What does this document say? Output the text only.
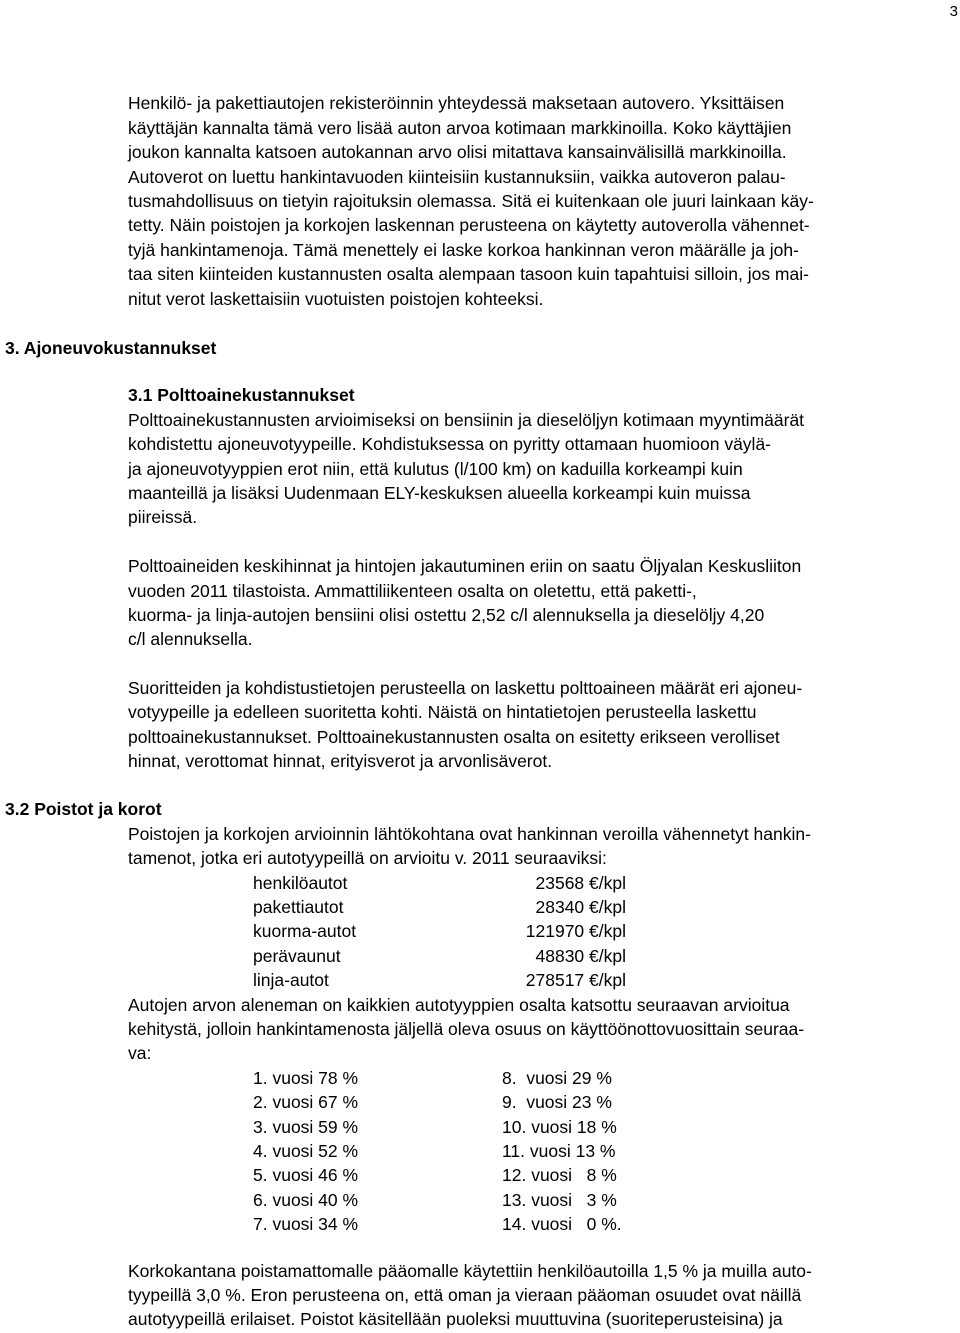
3
Henkilö- ja pakettiautojen rekisteröinnin yhteydessä maksetaan autovero. Yksittäisen
käyttäjän kannalta tämä vero lisää auton arvoa kotimaan markkinoilla. Koko käyttäjien
joukon kannalta katsoen autokannan arvo olisi mitattava kansainvälisillä markkinoilla.
Autoverot on luettu hankintavuoden kiinteisiin kustannuksiin, vaikka autoveron palau-
tusmahdollisuus on tietyin rajoituksin olemassa. Sitä ei kuitenkaan ole juuri lainkaan käy-
tetty. Näin poistojen ja korkojen laskennan perusteena on käytetty autoverolla vähennet-
tyjä hankintamenoja. Tämä menettely ei laske korkoa hankinnan veron määrälle ja joh-
taa siten kiinteiden kustannusten osalta alempaan tasoon kuin tapahtuisi silloin, jos mai-
nitut verot laskettaisiin vuotuisten poistojen kohteeksi.
3. Ajoneuvokustannukset
3.1 Polttoainekustannukset
Polttoainekustannusten arvioimiseksi on bensiinin ja dieselöljyn kotimaan myyntimäärät
kohdistettu ajoneuvotyypeille. Kohdistuksessa on pyritty ottamaan huomioon väylä-
ja ajoneuvotyyppien erot niin, että kulutus (l/100 km) on kaduilla korkeampi kuin
maanteillä ja lisäksi Uudenmaan ELY-keskuksen alueella korkeampi kuin muissa
piireissä.
Polttoaineiden keskihinnat ja hintojen jakautuminen eriin on saatu Öljyalan Keskusliiton
vuoden 2011 tilastoista. Ammattiliikenteen osalta on oletettu, että paketti-,
kuorma- ja linja-autojen bensiini olisi ostettu 2,52 c/l alennuksella ja dieselöljy 4,20
c/l alennuksella.
Suoritteiden ja kohdistustietojen perusteella on laskettu polttoaineen määrät eri ajoneu-
votyypeille ja edelleen suoritetta kohti. Näistä on hintatietojen perusteella laskettu
polttoainekustannukset. Polttoainekustannusten osalta on esitetty erikseen verolliset
hinnat, verottomat hinnat, erityisverot ja arvonlisäverot.
3.2 Poistot ja korot
Poistojen ja korkojen arvioinnin lähtökohtana ovat hankinnan veroilla vähennetyt hankin-
tamenot, jotka eri autotyypeillä on arvioitu v. 2011 seuraaviksi:
henkilöautot	23568 €/kpl
pakettiautot	28340 €/kpl
kuorma-autot	121970 €/kpl
perävaunut	48830 €/kpl
linja-autot	278517 €/kpl
Autojen arvon aleneman on kaikkien autotyyppien osalta katsottu seuraavan arvioitua
kehitystä, jolloin hankintamenosta jäljellä oleva osuus on käyttöönottovuosittain seuraa-
va:
1. vuosi 78 %	8.  vuosi 29 %
2. vuosi 67 %	9.  vuosi 23 %
3. vuosi 59 %	10. vuosi 18 %
4. vuosi 52 %	11. vuosi 13 %
5. vuosi 46 %	12. vuosi   8 %
6. vuosi 40 %	13. vuosi   3 %
7. vuosi 34 %	14. vuosi   0 %.
Korkokantana poistamattomalle pääomalle käytettiin henkilöautoilla 1,5 % ja muilla auto-
tyypeillä 3,0 %. Eron perusteena on, että oman ja vieraan pääoman osuudet ovat näillä
autotyypeillä erilaiset. Poistot käsitellään puoleksi muuttuvina (suoriteperusteisina) ja
